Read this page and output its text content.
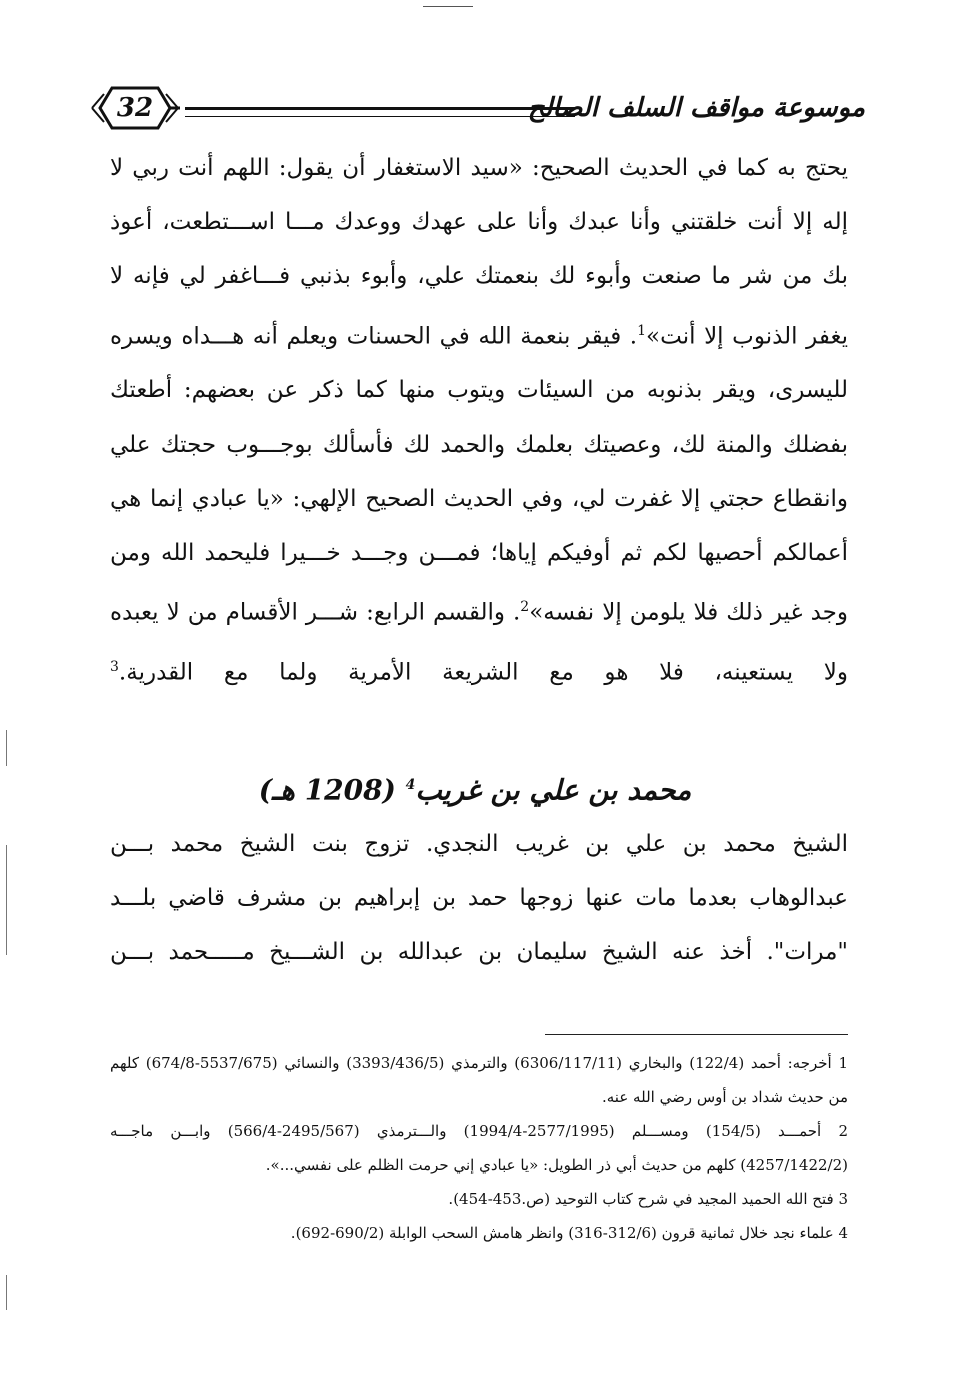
32	موسوعة مواقف السلف الصالح

يحتج به كما في الحديث الصحيح: «سيد الاستغفار أن يقول: اللهم أنت ربي لا إله إلا أنت خلقتني وأنا عبدك وأنا على عهدك ووعدك مـــا اســـتطعت، أعوذ بك من شر ما صنعت وأبوء لك بنعمتك علي، وأبوء بذنبي فـــاغفر لي فإنه لا يغفر الذنوب إلا أنت»$^1$. فيقر بنعمة الله في الحسنات ويعلم أنه هـــداه ويسره لليسرى، ويقر بذنوبه من السيئات ويتوب منها كما ذكر عن بعضهم: أطعتك بفضلك والمنة لك، وعصيتك بعلمك والحمد لك فأسألك بوجـــوب حجتك علي وانقطاع حجتي إلا غفرت لي، وفي الحديث الصحيح الإلهي: «يا عبادي إنما هي أعمالكم أحصيها لكم ثم أوفيكم إياها؛ فمـــن وجـــد خـــيرا فليحمد الله ومن وجد غير ذلك فلا يلومن إلا نفسه»$^2$. والقسم الرابع: شـــر الأقسام من لا يعبده ولا يستعينه، فلا هو مع الشريعة الأمرية ولما مع القدرية.$^3$

محمد بن علي بن غريب$^4$ (1208 هـ)

الشيخ محمد بن علي بن غريب النجدي. تزوج بنت الشيخ محمد بـــن عبدالوهاب بعدما مات عنها زوجها حمد بن إبراهيم بن مشرف قاضي بلـــد "مرات". أخذ عنه الشيخ سليمان بن عبدالله بن الشـــيخ مـــــحمد بـــن

1 أخرجه: أحمد (122/4) والبخاري (6306/117/11) والترمذي (3393/436/5) والنسائي (5537/675-674/8) كلهم من حديث شداد بن أوس رضي الله عنه.

2 أحمـــد (154/5) ومســـلم (2577/1995-1994/4) والـــترمذي (2495/567-566/4) وابـــن ماجـــه (4257/1422/2) كلهم من حديث أبي ذر الطويل: «يا عبادي إني حرمت الظلم على نفسي...».

3 فتح الله الحميد المجيد في شرح كتاب التوحيد (ص.453-454).

4 علماء نجد خلال ثمانية قرون (312/6-316) وانظر هامش السحب الوابلة (690/2-692).
